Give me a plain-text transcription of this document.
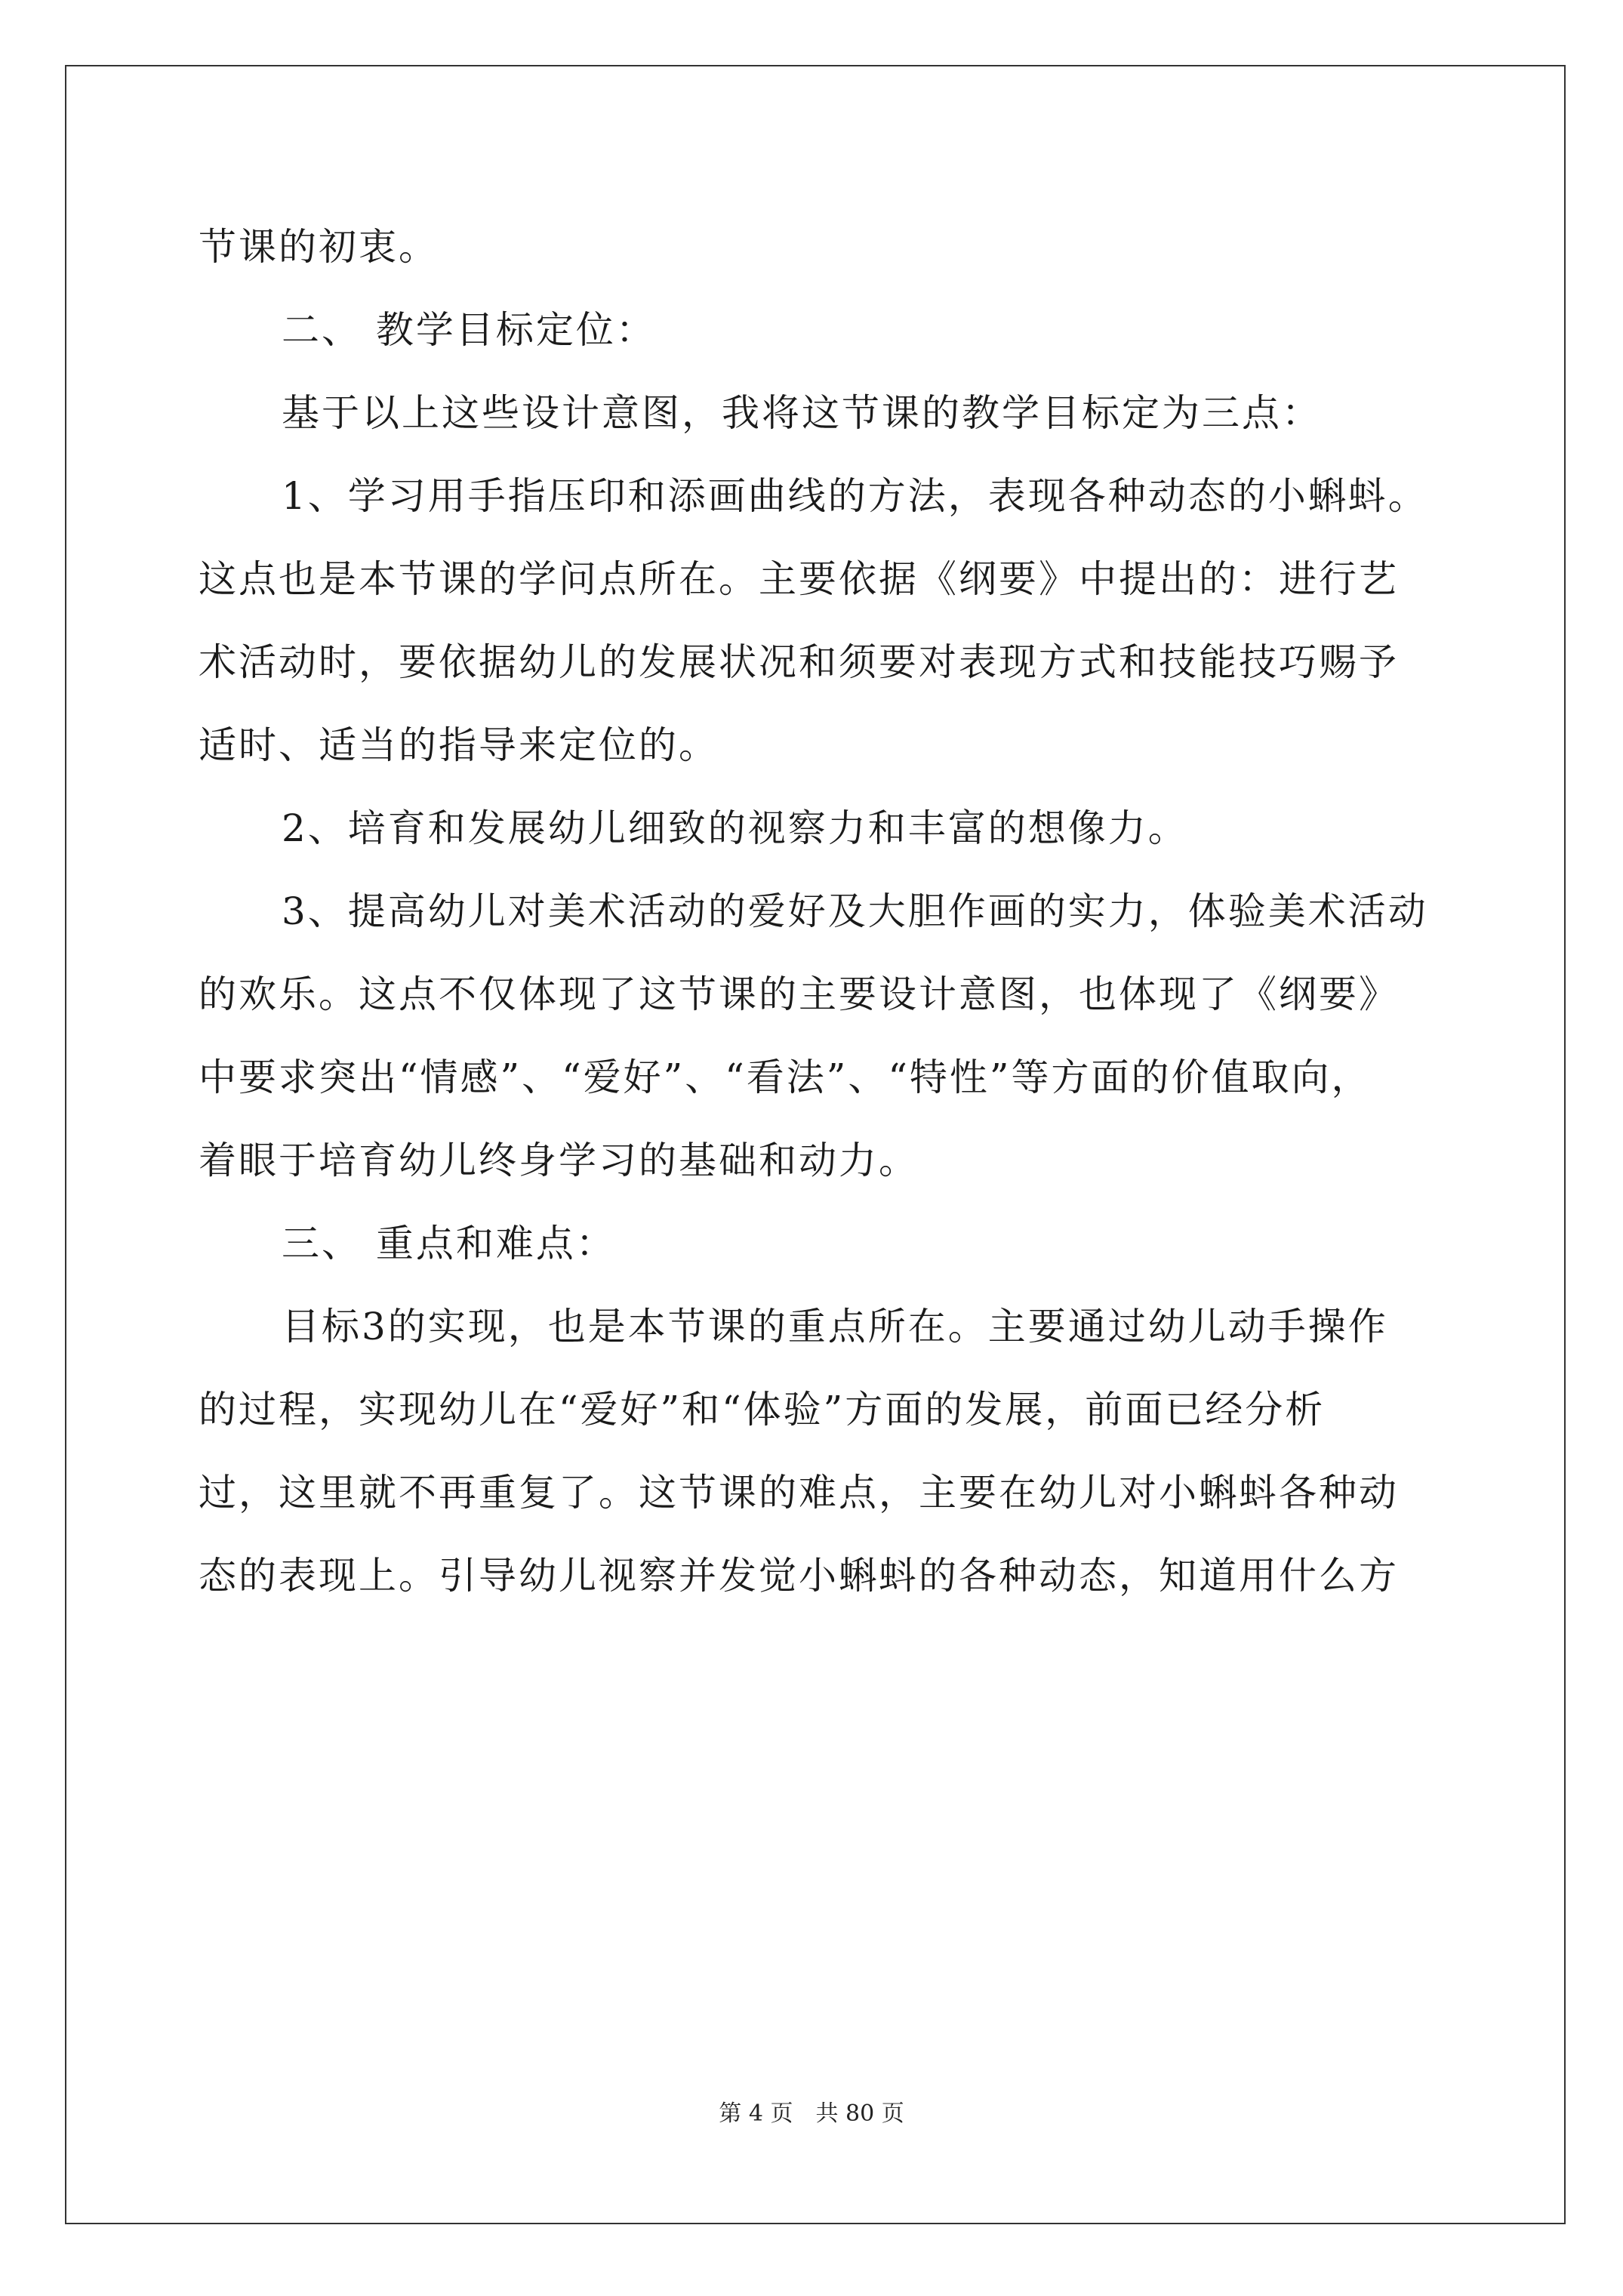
节课的初衷。
二、 教学目标定位：
基于以上这些设计意图，我将这节课的教学目标定为三点：
1、学习用手指压印和添画曲线的方法，表现各种动态的小蝌蚪。
这点也是本节课的学问点所在。主要依据《纲要》中提出的：进行艺
术活动时，要依据幼儿的发展状况和须要对表现方式和技能技巧赐予
适时、适当的指导来定位的。
2、培育和发展幼儿细致的视察力和丰富的想像力。
3、提高幼儿对美术活动的爱好及大胆作画的实力，体验美术活动
的欢乐。这点不仅体现了这节课的主要设计意图，也体现了《纲要》
中要求突出“情感”、“爱好”、“看法”、“特性”等方面的价值取向，
着眼于培育幼儿终身学习的基础和动力。
三、 重点和难点：
目标3的实现，也是本节课的重点所在。主要通过幼儿动手操作
的过程，实现幼儿在“爱好”和“体验”方面的发展，前面已经分析
过，这里就不再重复了。这节课的难点，主要在幼儿对小蝌蚪各种动
态的表现上。引导幼儿视察并发觉小蝌蚪的各种动态，知道用什么方
第 4 页　共 80 页
